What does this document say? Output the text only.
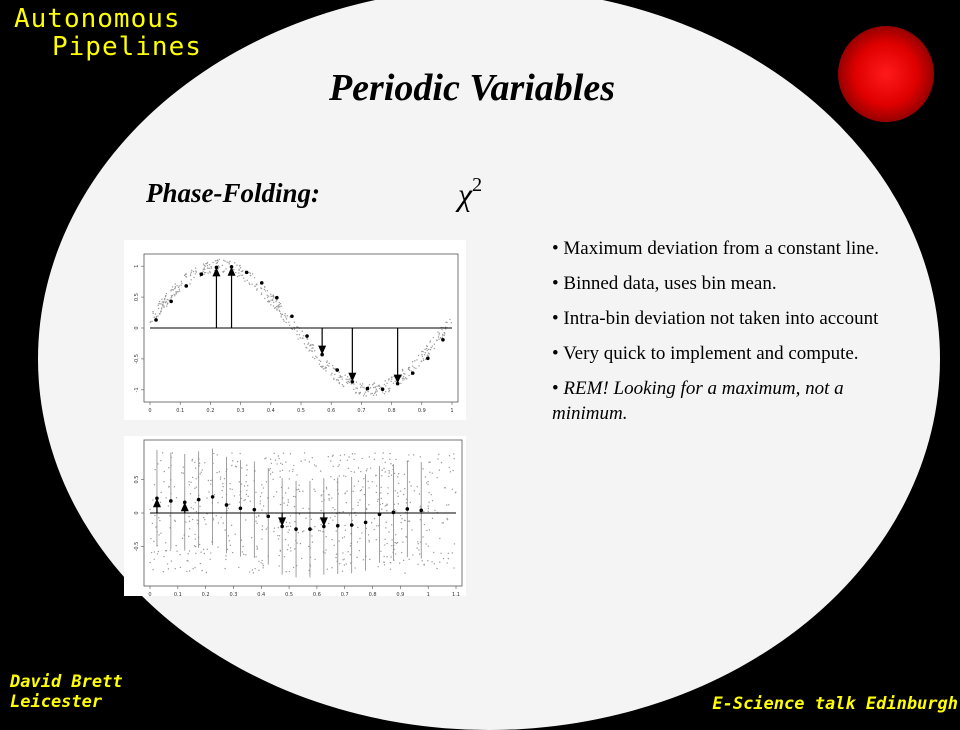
Autonomous
Pipelines
Periodic Variables
Phase-Folding:	$\chi^2$
0	0.1	0.2	0.3	0.4	0.5	0.6	0.7	0.8	0.9	1
1
0.5
0
-0.5
-1
0	0.1	0.2	0.3	0.4	0.5	0.6	0.7	0.8	0.9	1	1.1
0.5
0
-0.5
• Maximum deviation from a constant line.
• Binned data, uses bin mean.
• Intra-bin deviation not taken into account
• Very quick to implement and compute.
• REM! Looking for a maximum, not a minimum.
David Brett
Leicester	E-Science talk Edinburgh
